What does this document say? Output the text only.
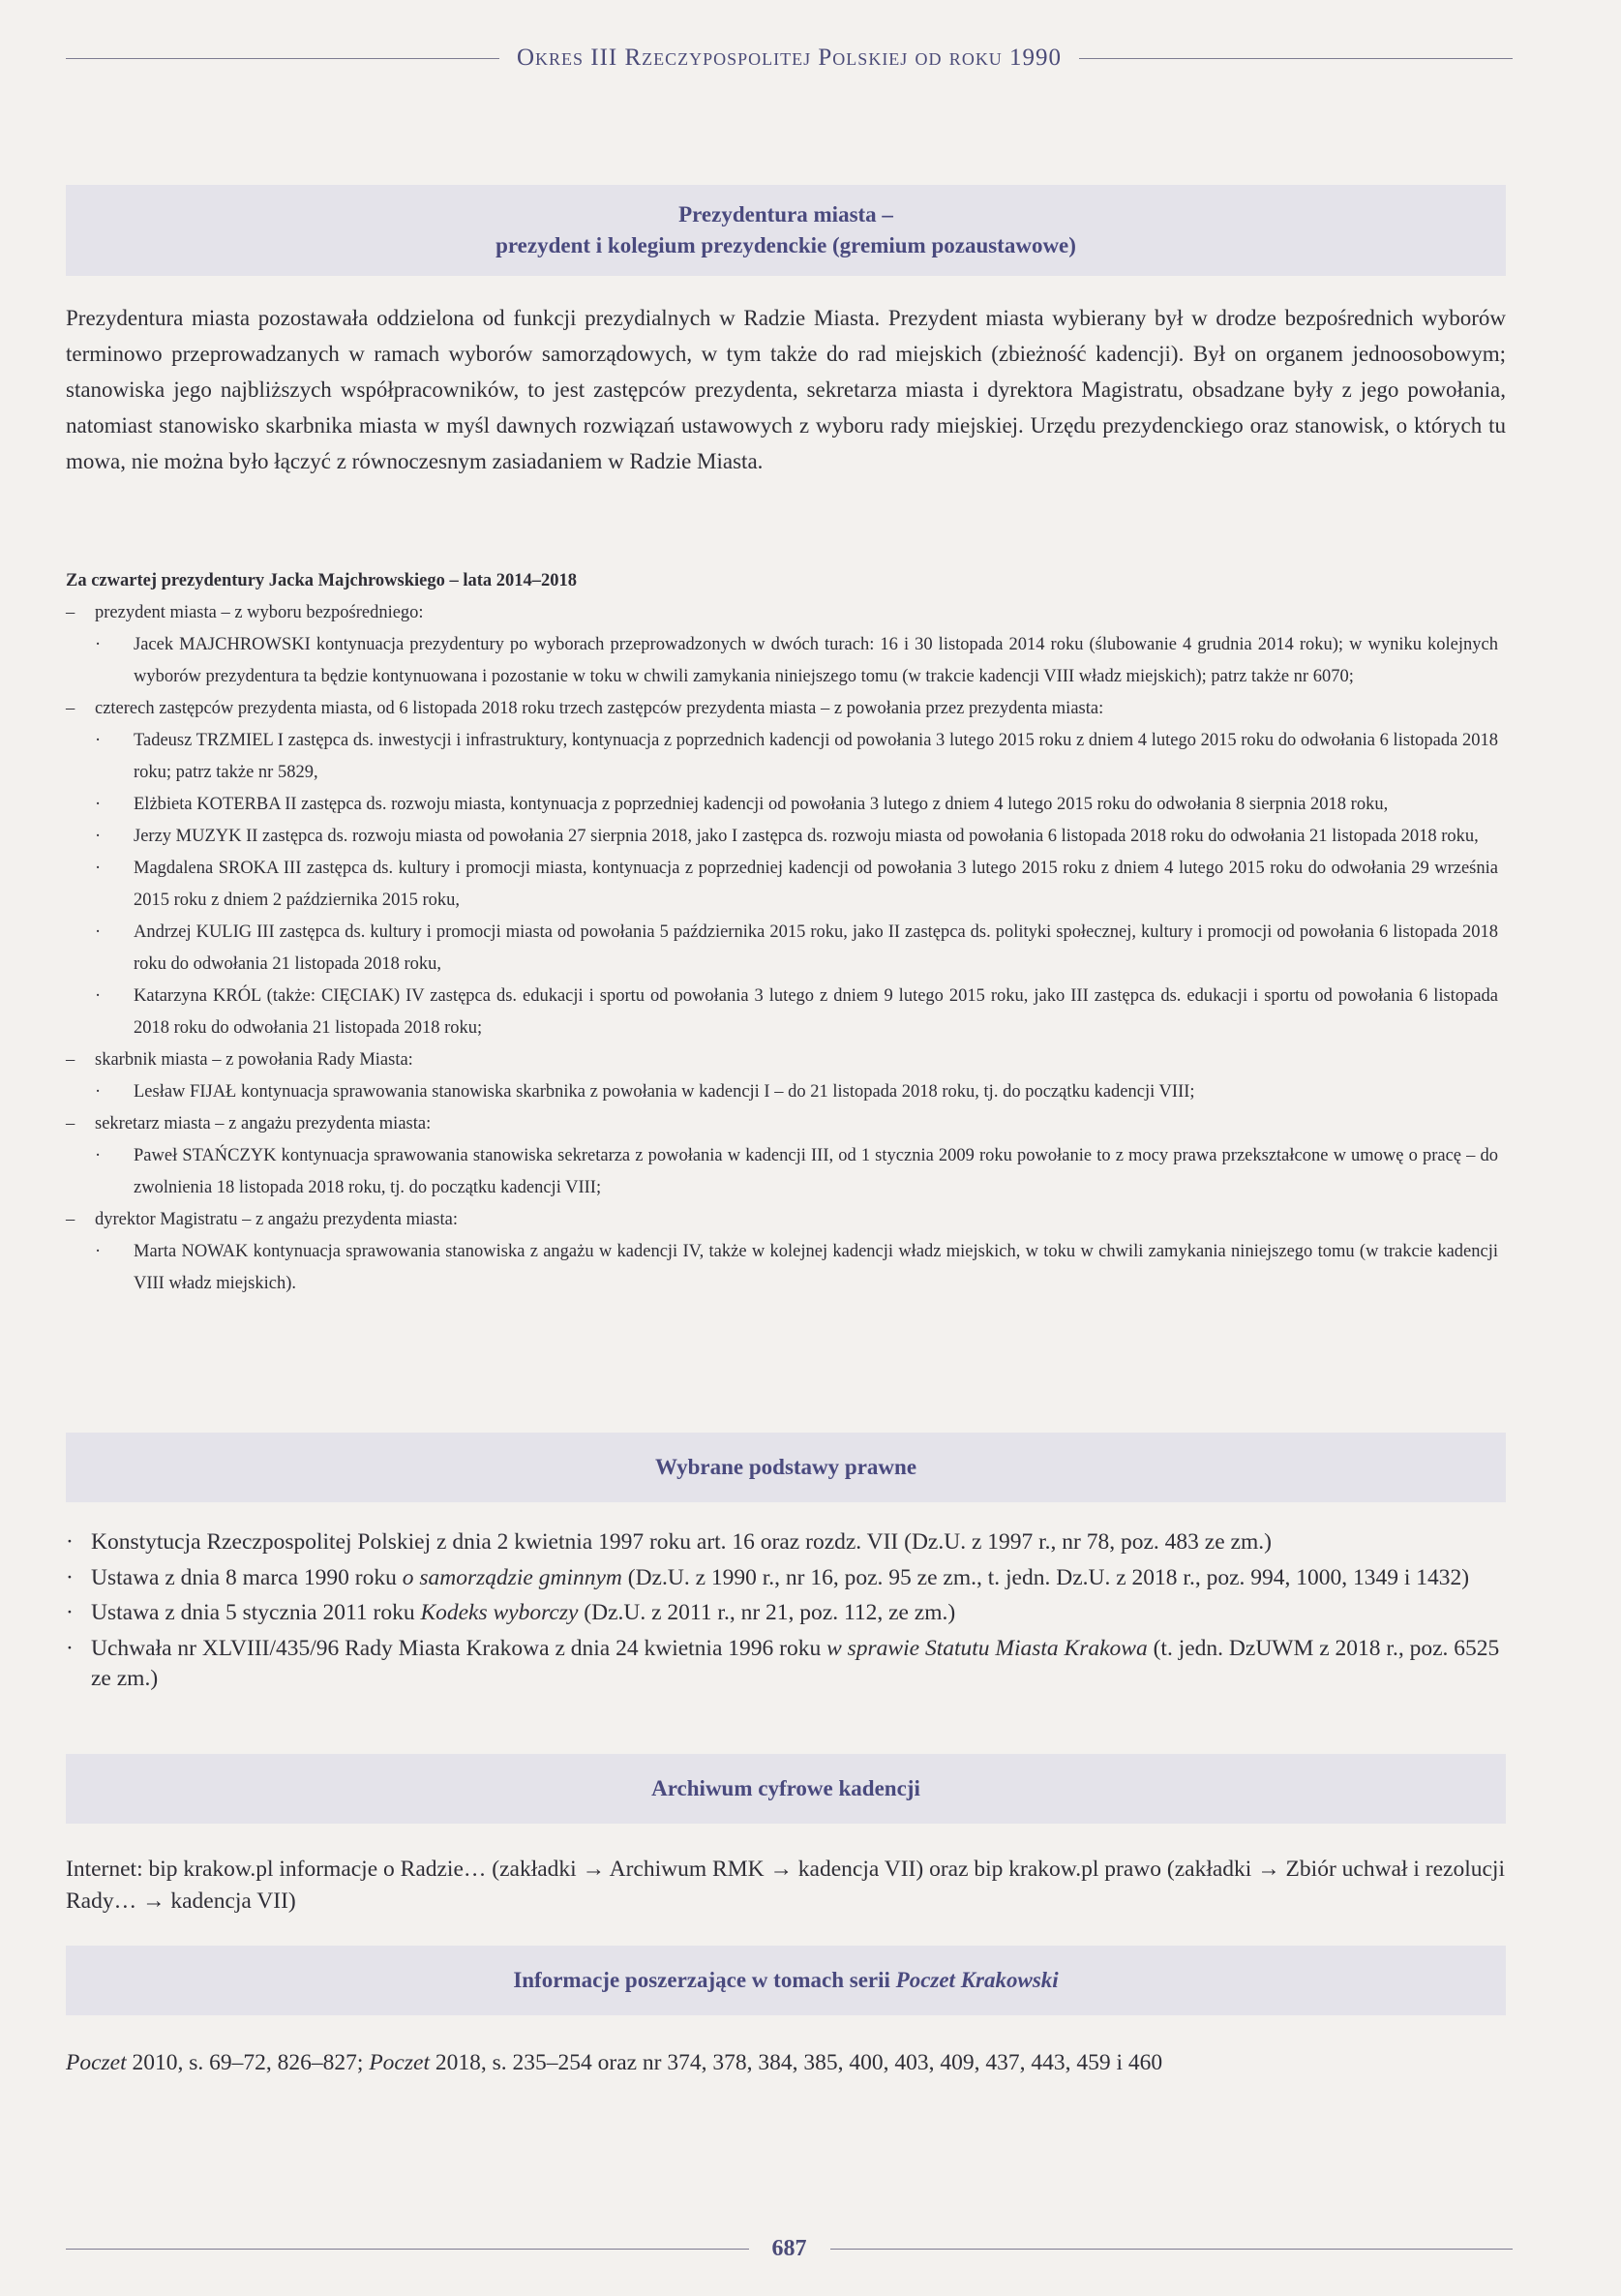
Okres III Rzeczypospolitej Polskiej od roku 1990
Prezydentura miasta –
prezydent i kolegium prezydenckie (gremium pozaustawowe)
Prezydentura miasta pozostawała oddzielona od funkcji prezydialnych w Radzie Miasta. Prezydent miasta wybierany był w drodze bezpośrednich wyborów terminowo przeprowadzanych w ramach wyborów samorządowych, w tym także do rad miejskich (zbieżność kadencji). Był on organem jednoosobowym; stanowiska jego najbliższych współpracowników, to jest zastępców prezydenta, sekretarza miasta i dyrektora Magistratu, obsadzane były z jego powołania, natomiast stanowisko skarbnika miasta w myśl dawnych rozwiązań ustawowych z wyboru rady miejskiej. Urzędu prezydenckiego oraz stanowisk, o których tu mowa, nie można było łączyć z równoczesnym zasiadaniem w Radzie Miasta.
Za czwartej prezydentury Jacka Majchrowskiego – lata 2014–2018
– prezydent miasta – z wyboru bezpośredniego:
· Jacek MAJCHROWSKI kontynuacja prezydentury po wyborach przeprowadzonych w dwóch turach: 16 i 30 listopada 2014 roku (ślubowanie 4 grudnia 2014 roku); w wyniku kolejnych wyborów prezydentura ta będzie kontynuowana i pozostanie w toku w chwili zamykania niniejszego tomu (w trakcie kadencji VIII władz miejskich); patrz także nr 6070;
– czterech zastępców prezydenta miasta, od 6 listopada 2018 roku trzech zastępców prezydenta miasta – z powołania przez prezydenta miasta:
· Tadeusz TRZMIEL I zastępca ds. inwestycji i infrastruktury, kontynuacja z poprzednich kadencji od powołania 3 lutego 2015 roku z dniem 4 lutego 2015 roku do odwołania 6 listopada 2018 roku; patrz także nr 5829,
· Elżbieta KOTERBA II zastępca ds. rozwoju miasta, kontynuacja z poprzedniej kadencji od powołania 3 lutego z dniem 4 lutego 2015 roku do odwołania 8 sierpnia 2018 roku,
· Jerzy MUZYK II zastępca ds. rozwoju miasta od powołania 27 sierpnia 2018, jako I zastępca ds. rozwoju miasta od powołania 6 listopada 2018 roku do odwołania 21 listopada 2018 roku,
· Magdalena SROKA III zastępca ds. kultury i promocji miasta, kontynuacja z poprzedniej kadencji od powołania 3 lutego 2015 roku z dniem 4 lutego 2015 roku do odwołania 29 września 2015 roku z dniem 2 października 2015 roku,
· Andrzej KULIG III zastępca ds. kultury i promocji miasta od powołania 5 października 2015 roku, jako II zastępca ds. polityki społecznej, kultury i promocji od powołania 6 listopada 2018 roku do odwołania 21 listopada 2018 roku,
· Katarzyna KRÓL (także: CIĘCIAK) IV zastępca ds. edukacji i sportu od powołania 3 lutego z dniem 9 lutego 2015 roku, jako III zastępca ds. edukacji i sportu od powołania 6 listopada 2018 roku do odwołania 21 listopada 2018 roku;
– skarbnik miasta – z powołania Rady Miasta:
· Lesław FIJAŁ kontynuacja sprawowania stanowiska skarbnika z powołania w kadencji I – do 21 listopada 2018 roku, tj. do początku kadencji VIII;
– sekretarz miasta – z angażu prezydenta miasta:
· Paweł STAŃCZYK kontynuacja sprawowania stanowiska sekretarza z powołania w kadencji III, od 1 stycznia 2009 roku powołanie to z mocy prawa przekształcone w umowę o pracę – do zwolnienia 18 listopada 2018 roku, tj. do początku kadencji VIII;
– dyrektor Magistratu – z angażu prezydenta miasta:
· Marta NOWAK kontynuacja sprawowania stanowiska z angażu w kadencji IV, także w kolejnej kadencji władz miejskich, w toku w chwili zamykania niniejszego tomu (w trakcie kadencji VIII władz miejskich).
Wybrane podstawy prawne
· Konstytucja Rzeczpospolitej Polskiej z dnia 2 kwietnia 1997 roku art. 16 oraz rozdz. VII (Dz.U. z 1997 r., nr 78, poz. 483 ze zm.)
· Ustawa z dnia 8 marca 1990 roku o samorządzie gminnym (Dz.U. z 1990 r., nr 16, poz. 95 ze zm., t. jedn. Dz.U. z 2018 r., poz. 994, 1000, 1349 i 1432)
· Ustawa z dnia 5 stycznia 2011 roku Kodeks wyborczy (Dz.U. z 2011 r., nr 21, poz. 112, ze zm.)
· Uchwała nr XLVIII/435/96 Rady Miasta Krakowa z dnia 24 kwietnia 1996 roku w sprawie Statutu Miasta Krakowa (t. jedn. DzUWM z 2018 r., poz. 6525 ze zm.)
Archiwum cyfrowe kadencji
Internet: bip krakow.pl informacje o Radzie… (zakładki → Archiwum RMK → kadencja VII) oraz bip krakow.pl prawo (zakładki → Zbiór uchwał i rezolucji Rady… → kadencja VII)
Informacje poszerzające w tomach serii Poczet Krakowski
Poczet 2010, s. 69–72, 826–827; Poczet 2018, s. 235–254 oraz nr 374, 378, 384, 385, 400, 403, 409, 437, 443, 459 i 460
687
